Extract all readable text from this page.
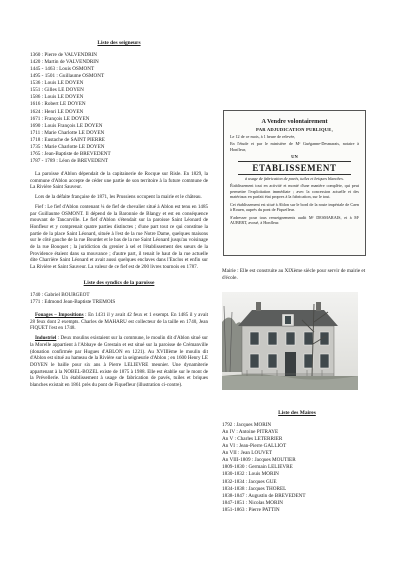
Liste des seigneurs
1360 : Pierre de VALVENDRIN
1420 : Martin de VALVENDRIN
1445 - 1463 : Louis OSMONT
1495 - 1501 : Guillaume OSMONT
1536 : Louis LE DOYEN
1551 : Gilles LE DOYEN
1586 : Louis LE DOYEN
1616 : Robert LE DOYEN
1624 : Henri LE DOYEN
1671 : François LE DOYEN
1690 : Louis François LE DOYEN
1711 : Marie Charlotte LE DOYEN
1718 : Eustache de SAINT PIERRE
1735 : Marie Charlotte LE DOYEN
1765 : Jean-Baptiste de BREVEDENT
1787 - 1789 : Léon de BREVEDENT

La paroisse d'Ablon dépendait de la capitainerie de Rocque sur Risle. En 1829, la commune d'Ablon accepte de céder une partie de son territoire à la future commune de La Rivière Saint Sauveur.

Lors de la défaite française de 1871, les Prussiens occupent la mairie et le château.

Fief : Le fief d'Ablon contenant ¼ de fief de chevalier situé à Ablon est tenu en 1485 par Guillaume OSMONT. Il dépend de la Baronnie de Blangy et est en conséquence mouvant de Tancarville. Le fief d'Ablon s'étendait sur la paroisse Saint Léonard de Honfleur et y comprenait quatre parties distinctes ; d'une part tout ce qui constitue la partie de la place Saint Léonard, située à l'est de la rue Notre Dame, quelques maisons sur le côté gauche de la rue Bourdet et le bas de la rue Saint Léonard jusqu'au voisinage de la rue Bouquet ; la juridiction du grenier à sel et l'établissement des sœurs de la Providence étaient dans sa mouvance ; d'autre part, il tenait le haut de la rue actuelle dite Charrière Saint Léonard et avait aussi quelques enclaves dans l'Enclos et enfin sur La Rivière et Saint Sauveur. La valeur de ce fief est de 200 livres tournois en 1787.

Liste des syndics de la paroisse
1740 : Gabriel BOURGEOT
1771 : Edmond Jean-Baptiste TREMOIS

Fouages – Impositions : En 1431 il y avait 42 feux et 1 exempt. En 1485 il y avait 28 feux dont 2 exempts. Charles de MAHARU est collecteur de la taille en 1740, Jean FIQUET l'est en 1748.

Industriel : Deux moulins existaient sur la commune, le moulin dit d'Ablon situé sur la Morelle appartient à l'Abbaye de Grestain et est situé sur la paroisse de Crémanville (donation confirmée par Hugues d'ABLON en 1221). Au XVIIIème le moulin dit d'Ablon est situé au hameau de la Rivière sur la seigneurie d'Ablon ; en 1600 Henry LE DOYEN le baille pour six ans à Pierre LELIEVRE meunier. Une dynamiterie appartenant à la NOBEL-BOZEL existe de 1875 à 1988. Elle est établie sur le mont de la Prévellerie. Un établissement à usage de fabrication de pavés, tuiles et briques blanches existait en 1861 près du pont de Fiquefleur (illustration ci-contre).

A Vendre volontairement
PAR ADJUDICATION PUBLIQUE,

Le 12 de ce mois, à 1 heure de relevée,

En l'étude et par le ministère de Mᵉ Guéganne-Desmarais, notaire à Honfleur,

UN
ETABLISSEMENT
à usage de fabrication de pavés, tuiles et briques blanches.

Établissement tout en activité et monté d'une manière complète, qui peut permettre l'exploitation immédiate ; avec la concession actuelle et des matériaux en parfait état propres à la fabrication, sur le tout.

Cet établissement est situé à Ablon sur le bord de la route impériale de Caen à Rouen, auprès du pont de Fiquefleur.

S'adresser pour tous renseignements audit Mᵉ DESMARAIS, et à Mᵉ AUBERT, avoué, à Honfleur.

Mairie : Elle est construite au XIXème siècle pour servir de mairie et d'école.
Liste des Maires
1792 : Jacques MORIN
An IV : Antoine PITRAYE
An V : Charles LETERRIER
An VI : Jean-Pierre GALLIOT
An VII : Jean LOUVET
An VIII-1809 : Jacques MOUTIER
1809-1830 : Germain LELIEVRE
1830-1832 : Louis MORIN
1832-1834 : Jacques GUE
1834-1838 : Jacques THOREL
1838-1847 : Augustin de BREVEDENT
1847-1851 : Nicolas MORIN
1851-1863 : Pierre PATTIN
